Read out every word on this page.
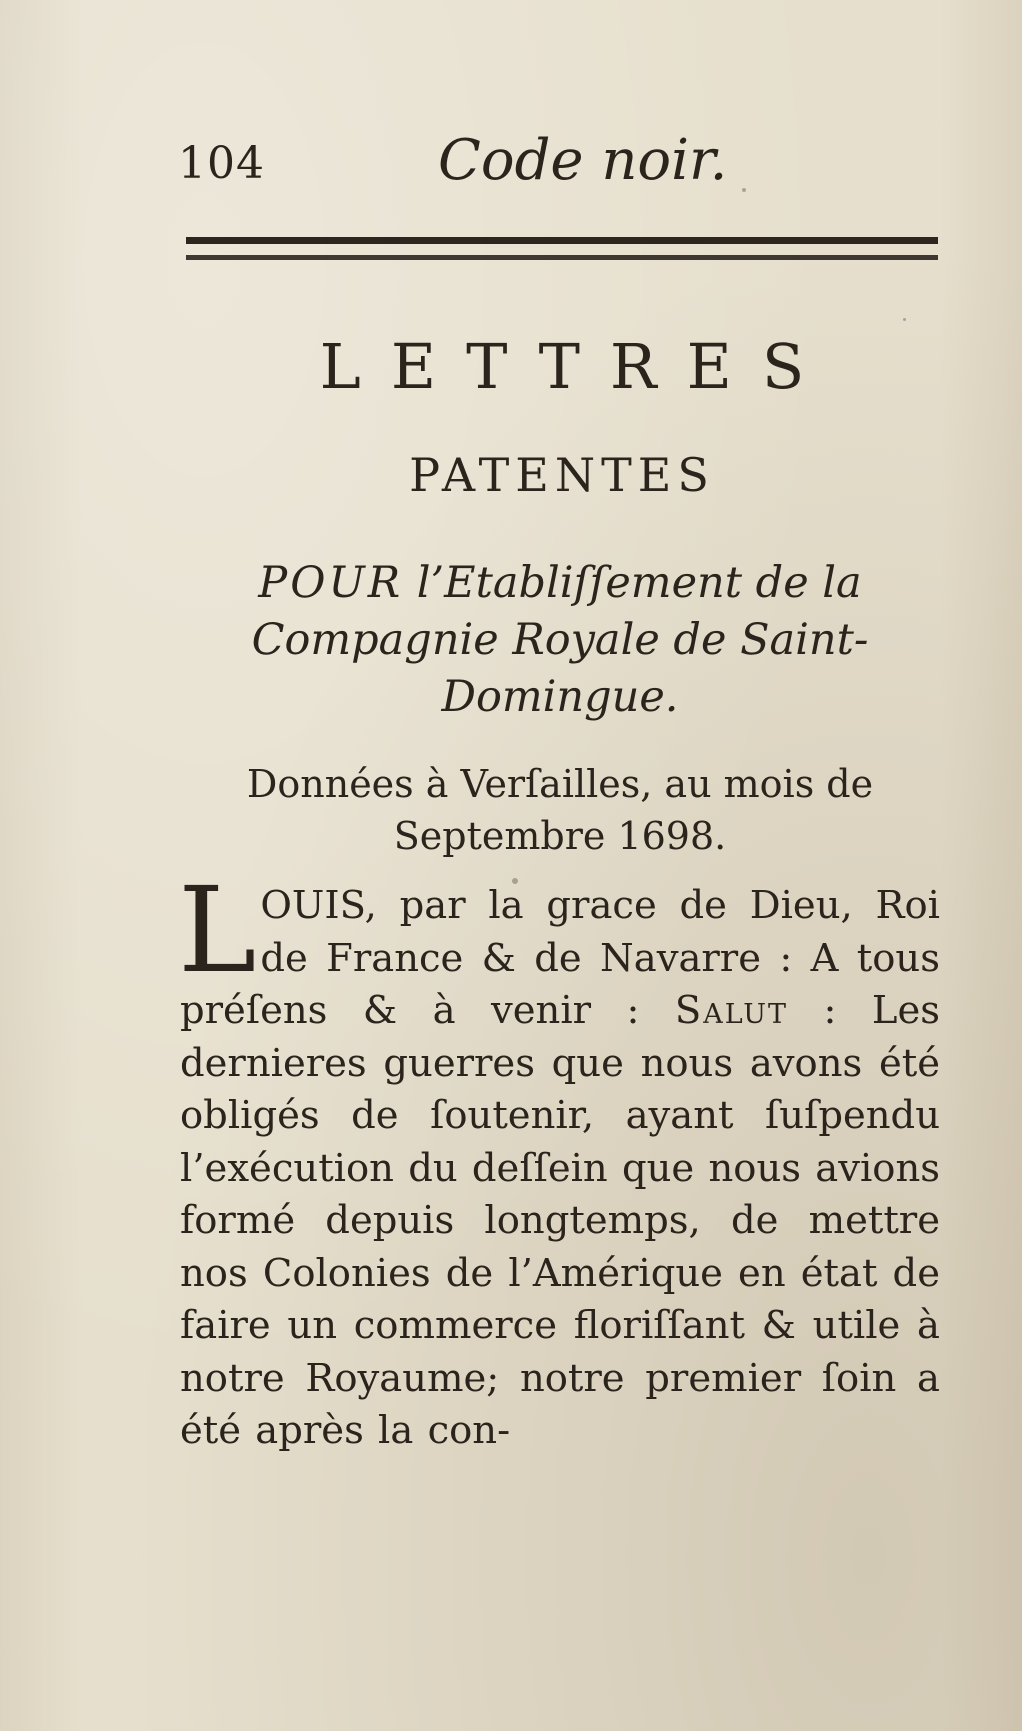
104	Code noir.
LETTRES
PATENTES
POUR l’Etabliſſement de la Compagnie Royale de Saint-Domingue.
Données à Verſailles, au mois de Septembre 1698.
LOUIS, par la grace de Dieu, Roi de France & de Navarre : A tous préſens & à venir : Salut : Les dernieres guerres que nous avons été obligés de ſoutenir, ayant ſuſpendu l’exécution du deſſein que nous avions formé depuis longtemps, de mettre nos Colonies de l’Amérique en état de faire un commerce floriſſant & utile à notre Royaume; notre premier ſoin a été après la con-
